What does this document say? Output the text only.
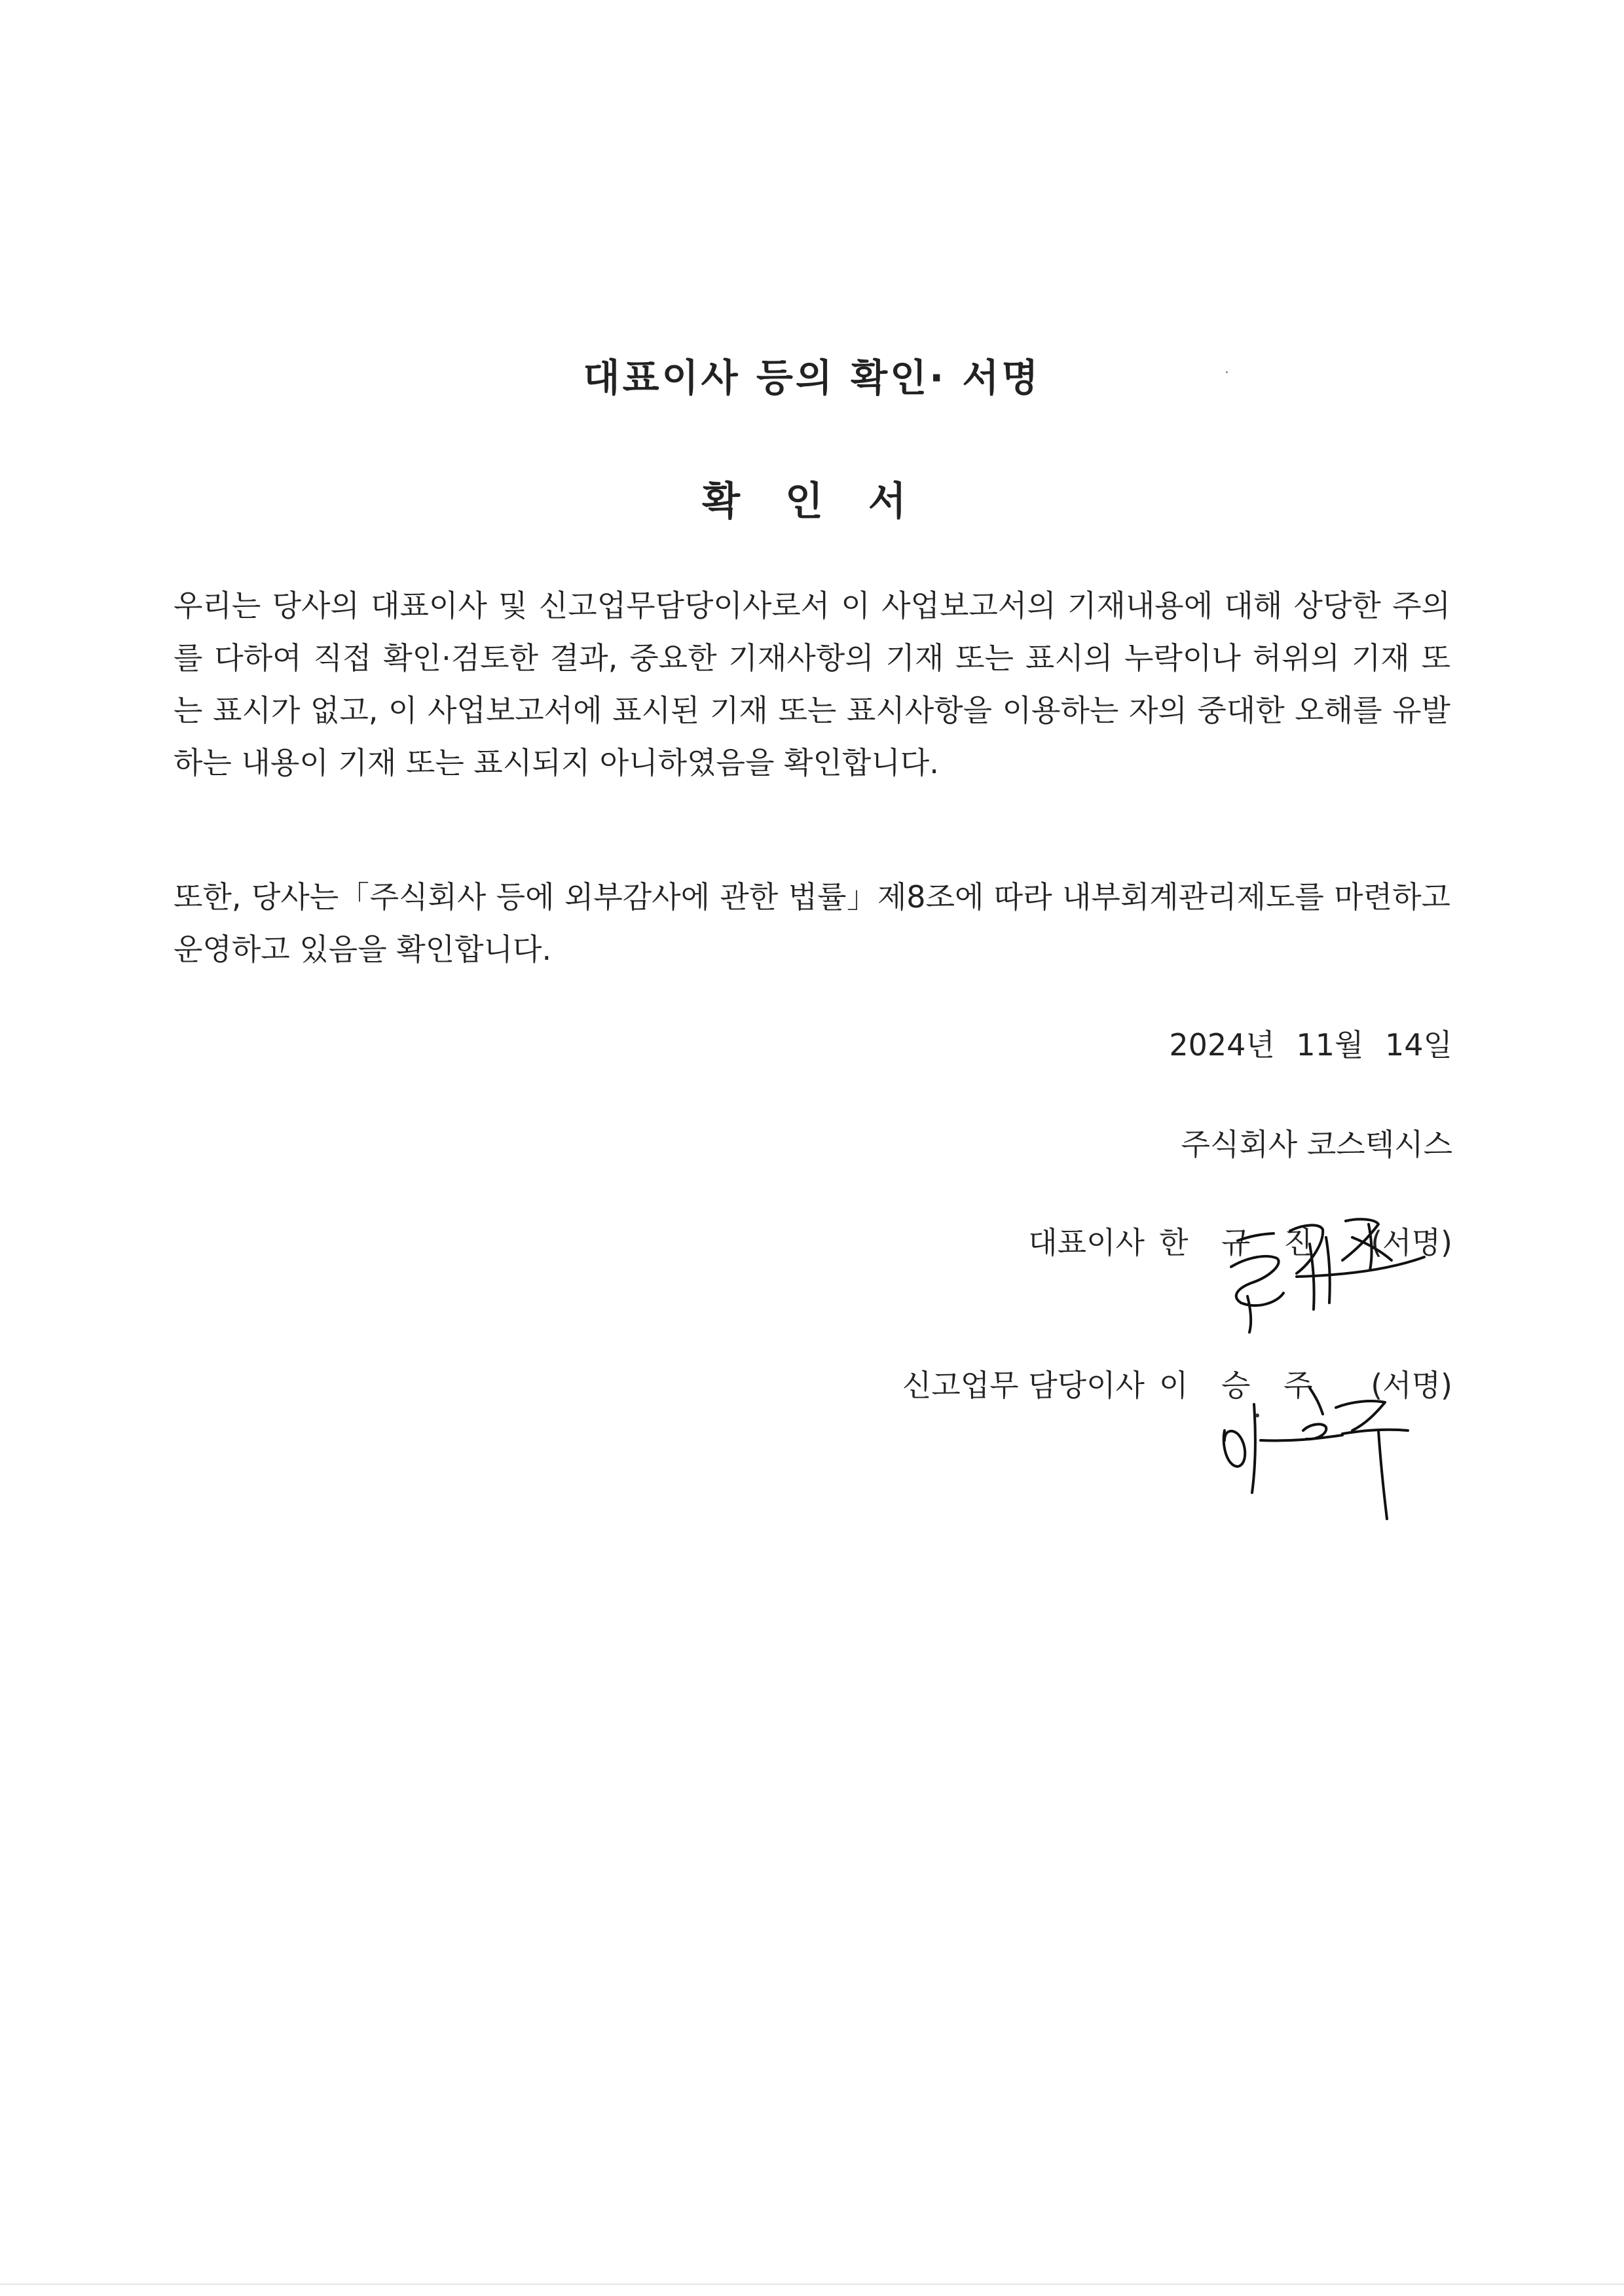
대표이사 등의 확인· 서명
확 인 서
우리는 당사의 대표이사 및 신고업무담당이사로서 이 사업보고서의 기재내용에 대해 상당한 주의를 다하여 직접 확인·검토한 결과, 중요한 기재사항의 기재 또는 표시의 누락이나 허위의 기재 또는 표시가 없고, 이 사업보고서에 표시된 기재 또는 표시사항을 이용하는 자의 중대한 오해를 유발하는 내용이 기재 또는 표시되지 아니하였음을 확인합니다.
또한, 당사는「주식회사 등에 외부감사에 관한 법률」제8조에 따라 내부회계관리제도를 마련하고 운영하고 있음을 확인합니다.
2024년 11월 14일
주식회사 코스텍시스
대표이사 한 규 진 (서명)
신고업무 담당이사 이 승 주 (서명)
